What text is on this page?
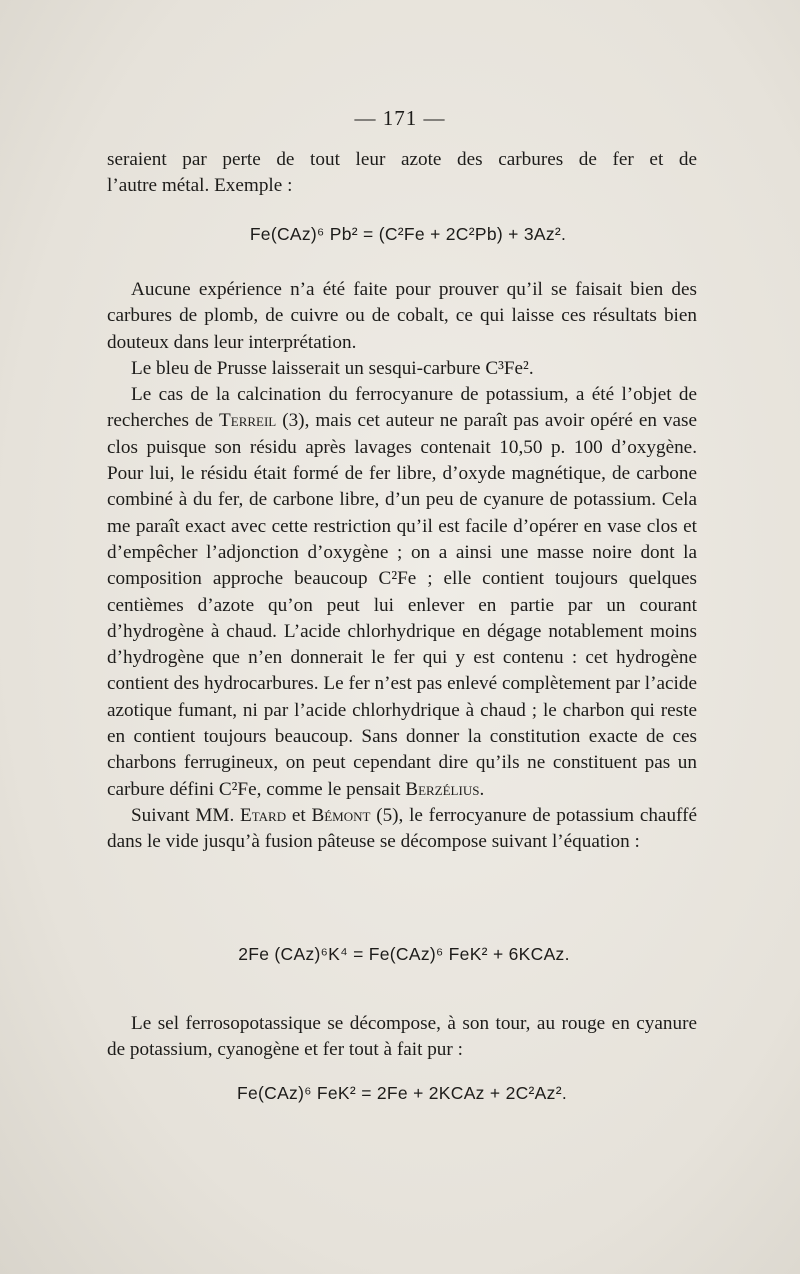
— 171 —
seraient par perte de tout leur azote des carbures de fer et de
l’autre métal. Exemple :
Fe(CAz)⁶ Pb² = (C²Fe + 2C²Pb) + 3Az².

Aucune expérience n’a été faite pour prouver qu’il se faisait bien des carbures de plomb, de cuivre ou de cobalt, ce qui laisse ces résultats bien douteux dans leur interprétation.

Le bleu de Prusse laisserait un sesqui-carbure C³Fe².

Le cas de la calcination du ferrocyanure de potassium, a été l’objet de recherches de Terreil (3), mais cet auteur ne paraît pas avoir opéré en vase clos puisque son résidu après lavages contenait 10,50 p. 100 d’oxygène. Pour lui, le résidu était formé de fer libre, d’oxyde magnétique, de carbone combiné à du fer, de carbone libre, d’un peu de cyanure de potassium. Cela me paraît exact avec cette restriction qu’il est facile d’opérer en vase clos et d’empêcher l’adjonction d’oxygène ; on a ainsi une masse noire dont la composition approche beaucoup C²Fe ; elle contient toujours quelques centièmes d’azote qu’on peut lui enlever en partie par un courant d’hydrogène à chaud. L’acide chlorhydrique en dégage notablement moins d’hydrogène que n’en donnerait le fer qui y est contenu : cet hydrogène contient des hydrocarbures. Le fer n’est pas enlevé complètement par l’acide azotique fumant, ni par l’acide chlorhydrique à chaud ; le charbon qui reste en contient toujours beaucoup. Sans donner la constitution exacte de ces charbons ferrugineux, on peut cependant dire qu’ils ne constituent pas un carbure défini C²Fe, comme le pensait Berzélius.

Suivant MM. Etard et Bémont (5), le ferrocyanure de potassium chauffé dans le vide jusqu’à fusion pâteuse se décompose suivant l’équation :

2Fe (CAz)⁶K⁴ = Fe(CAz)⁶ FeK² + 6KCAz.

Le sel ferrosopotassique se décompose, à son tour, au rouge en cyanure de potassium, cyanogène et fer tout à fait pur :

Fe(CAz)⁶ FeK² = 2Fe + 2KCAz + 2C²Az².
